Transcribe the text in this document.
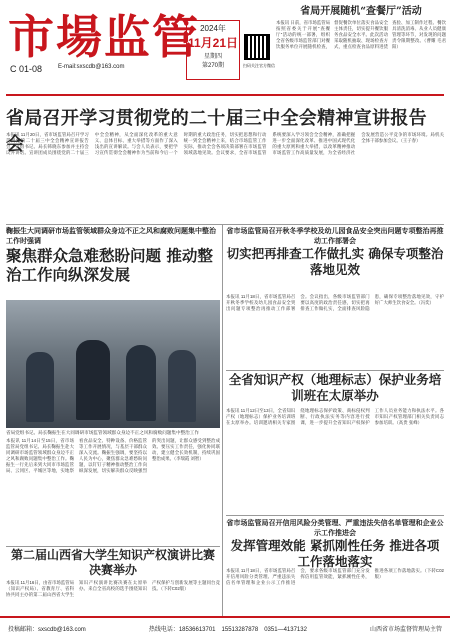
市場监管
C 01-08	E-mail:sxscdb@163.com
2024年
11月21日
星期四
第270期	扫码关注官方微信
省局开展随机“查餐厅”活动

本报讯 日前，省市场监管局按照省委关于开展“查餐厅”活动的统一部署，组织全省各级市场监管部门对餐饮服务单位开展随机检查，督促餐饮单位落实食品安全主体责任，切实提升餐饮服务食品安全水平。此次活动采取随机抽取、现场检查方式，重点检查食品原料进货查验、加工制作过程、餐饮具清洗消毒、从业人员健康管理等环节，对发现的问题责令限期整改。（曹耀 毛君阳）

省局召开学习贯彻党的二十届三中全会精神宣讲报告会

本报讯 11月20日，省市场监管局召开学习贯彻党的二十届三中全会精神宣讲报告会。党组书记、局长韩晓东参加并主持会议并讲话。宣讲团成员围绕党的二十届三中全会精神，从全面深化改革的重大意义、总体目标、重大举措等方面作了深入浅出的宣讲解读。与会人员表示，要把学习宣传贯彻全会精神作为当前和今后一个时期的重大政治任务，切实把思想和行动统一到全会精神上来，结合市场监管工作实际，推动全会各项决策部署在市场监管领域落地见效。会议要求，全省市场监管系统要深入学习领会全会精神，准确把握进一步全面深化改革、推进中国式现代化的重大原则和重大举措，以改革精神推动市场监管工作高质量发展，为全省经济社会发展营造公平竞争的市场环境。局机关全体干部参加会议。（王子春）

鞠振生大同调研市场监管领域群众身边不正之风和腐败问题集中整治工作时强调
聚焦群众急难愁盼问题 推动整治工作向纵深发展
省局党组书记、局长鞠振生在大同调研市场监管领域群众身边不正之风和腐败问题集中整治工作

本报讯 11月14日至15日，省市场监管局党组书记、局长鞠振生赴大同调研市场监管领域群众身边不正之风和腐败问题集中整治工作。鞠振生一行先后来到大同市市场监管局、云冈区、平城区等地，实地察看食品安全、特种设备、价格监管等工作开展情况，与基层干部群众深入交流。鞠振生强调，要坚持以人民为中心，聚焦群众急难愁盼问题，以钉钉子精神推动整治工作向纵深发展，切实解决群众反映强烈的突出问题，让群众感受到整治成效。要压实工作责任，强化协同联动，建立健全长效机制，持续巩固整治成果。（李瑞霞 刘智）

第二届山西省大学生知识产权演讲比赛决赛举办

本报讯 11月16日，由省市场监管局（知识产权局）、省教育厅、省科协共同主办的第二届山西省大学生知识产权演讲比赛决赛在太原举办。来自全省高校的选手围绕知识产权保护与创新发展等主题同台竞技。（下转C02版）

省市场监管局召开秋冬季学校及幼儿园食品安全突出问题专项整治再推动工作部署会
切实把再排查工作做扎实 确保专项整治落地见效

本报讯 11月18日，省市场监管局召开秋冬季学校及幼儿园食品安全突出问题专项整治再推动工作部署会。会议指出，各级市场监管部门要以高度的政治责任感，切实把再排查工作做扎实，全面排查风险隐患，确保专项整治落地见效，守护好广大师生饮食安全。（冯奕）

全省知识产权（地理标志）保护业务培训班在太原举办

本报讯 11月12日至13日，全省知识产权（地理标志）保护业务培训班在太原举办。培训邀请相关专家围绕地理标志保护政策、商标侵权判断、行政执法实务等内容进行授课，进一步提升全省知识产权保护工作人员业务能力和执法水平。各市知识产权管理部门相关负责同志参加培训。（高贵 张峰）

省市场监管局召开信用风险分类管理、严重违法失信名单管理和企业公示工作推进会
发挥管理效能 紧抓刚性任务 推进各项工作落地落实

本报讯 11月18日，省市场监管局召开信用风险分类管理、严重违法失信名单管理和企业公示工作推进会，要求各级市场监管部门充分发挥信用监管效能，紧抓刚性任务，推进各项工作落地落实。（下转C02版）

投稿邮箱：sxscdb@163.com	热线电话：18536613701　15513287878　0351—4137132	山西省市场监督管理局主管
